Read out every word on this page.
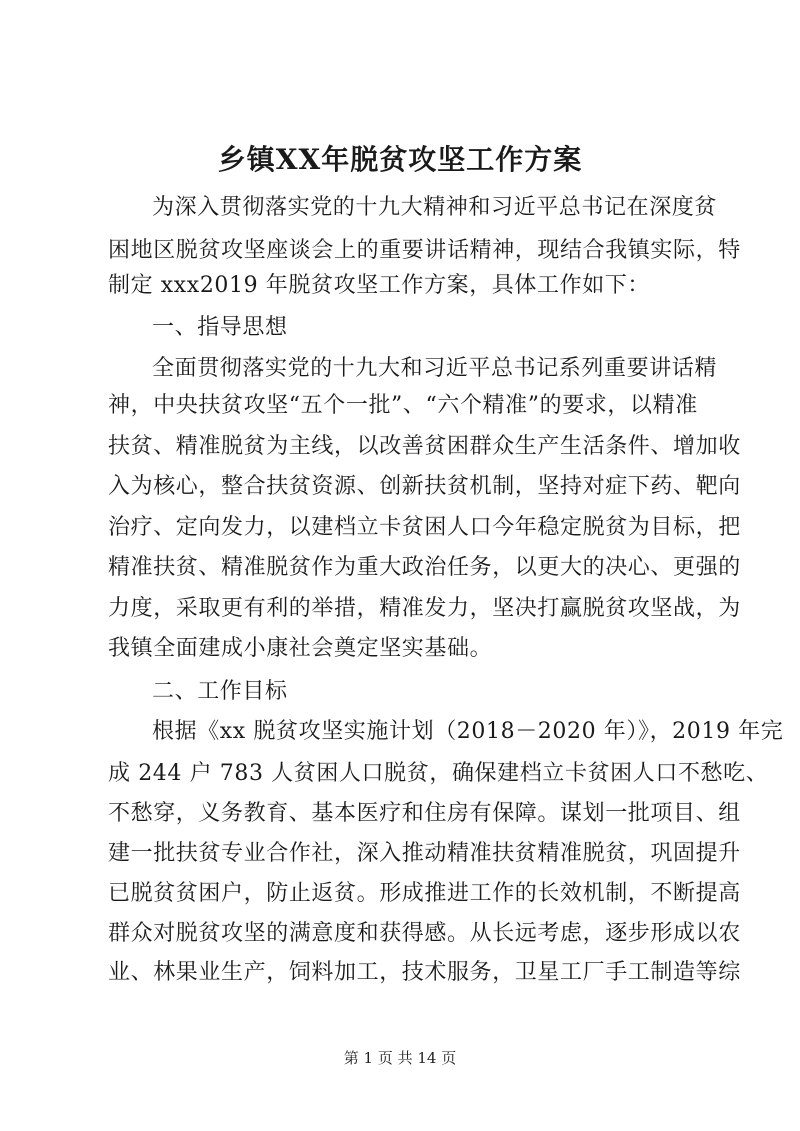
乡镇XX年脱贫攻坚工作方案

为深入贯彻落实党的十九大精神和习近平总书记在深度贫

困地区脱贫攻坚座谈会上的重要讲话精神，现结合我镇实际，特

制定 xxx2019 年脱贫攻坚工作方案，具体工作如下：

一、指导思想

全面贯彻落实党的十九大和习近平总书记系列重要讲话精

神，中央扶贫攻坚“五个一批”、“六个精准”的要求，以精准

扶贫、精准脱贫为主线，以改善贫困群众生产生活条件、增加收

入为核心，整合扶贫资源、创新扶贫机制，坚持对症下药、靶向

治疗、定向发力，以建档立卡贫困人口今年稳定脱贫为目标，把

精准扶贫、精准脱贫作为重大政治任务，以更大的决心、更强的

力度，采取更有利的举措，精准发力，坚决打赢脱贫攻坚战，为

我镇全面建成小康社会奠定坚实基础。

二、工作目标

根据《xx 脱贫攻坚实施计划（2018－2020 年）》，2019 年完

成 244 户 783 人贫困人口脱贫，确保建档立卡贫困人口不愁吃、

不愁穿，义务教育、基本医疗和住房有保障。谋划一批项目、组

建一批扶贫专业合作社，深入推动精准扶贫精准脱贫，巩固提升

已脱贫贫困户，防止返贫。形成推进工作的长效机制，不断提高

群众对脱贫攻坚的满意度和获得感。从长远考虑，逐步形成以农

业、林果业生产，饲料加工，技术服务，卫星工厂手工制造等综

第 1 页 共 14 页
